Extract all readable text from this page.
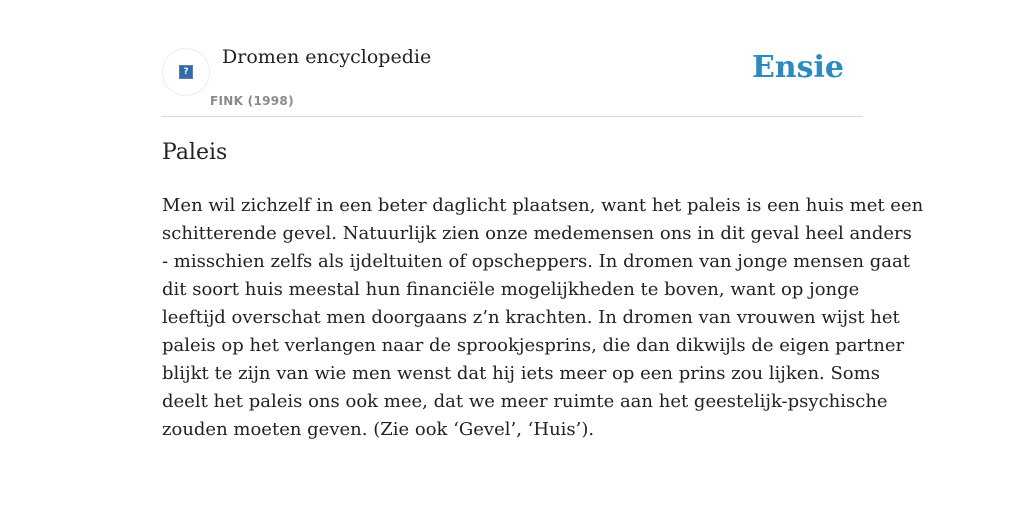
?
Dromen encyclopedie
FINK (1998)
Ensie
Paleis

Men wil zichzelf in een beter daglicht plaatsen, want het paleis is een huis met een
schitterende gevel. Natuurlijk zien onze medemensen ons in dit geval heel anders
- misschien zelfs als ijdeltuiten of opscheppers. In dromen van jonge mensen gaat
dit soort huis meestal hun financiële mogelijkheden te boven, want op jonge
leeftijd overschat men doorgaans z’n krachten. In dromen van vrouwen wijst het
paleis op het verlangen naar de sprookjesprins, die dan dikwijls de eigen partner
blijkt te zijn van wie men wenst dat hij iets meer op een prins zou lijken. Soms
deelt het paleis ons ook mee, dat we meer ruimte aan het geestelijk-psychische
zouden moeten geven. (Zie ook ‘Gevel’, ‘Huis’).
